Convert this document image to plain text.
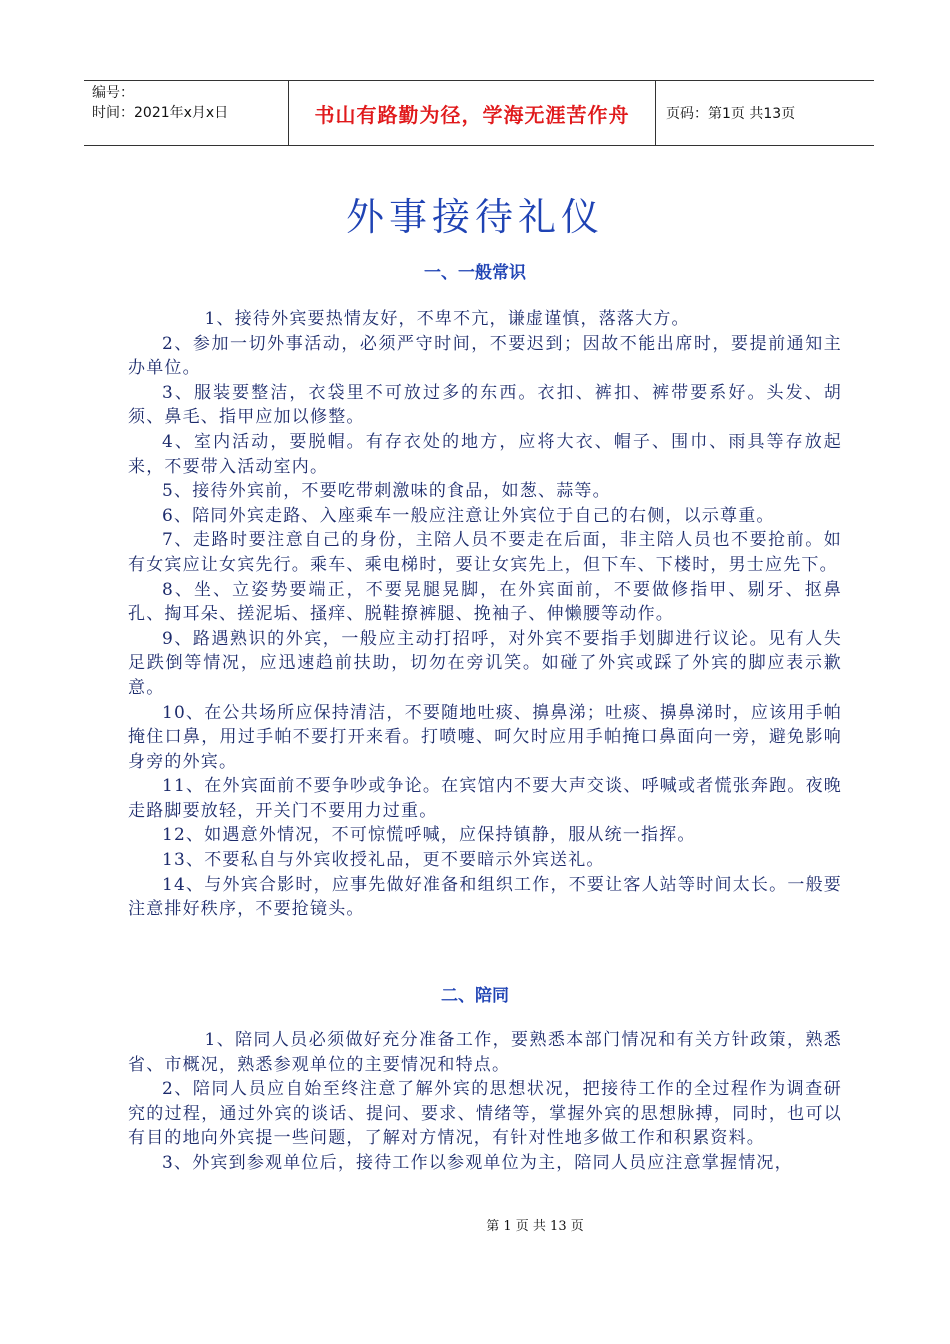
编号：
时间：2021年x月x日	书山有路勤为径，学海无涯苦作舟	页码：第1页 共13页
外事接待礼仪
一、一般常识

1、接待外宾要热情友好，不卑不亢，谦虚谨慎，落落大方。

2、参加一切外事活动，必须严守时间，不要迟到；因故不能出席时，要提前通知主办单位。

3、服装要整洁，衣袋里不可放过多的东西。衣扣、裤扣、裤带要系好。头发、胡须、鼻毛、指甲应加以修整。

4、室内活动，要脱帽。有存衣处的地方，应将大衣、帽子、围巾、雨具等存放起来，不要带入活动室内。

5、接待外宾前，不要吃带刺激味的食品，如葱、蒜等。

6、陪同外宾走路、入座乘车一般应注意让外宾位于自己的右侧，以示尊重。

7、走路时要注意自己的身份，主陪人员不要走在后面，非主陪人员也不要抢前。如有女宾应让女宾先行。乘车、乘电梯时，要让女宾先上，但下车、下楼时，男士应先下。

8、坐、立姿势要端正，不要晃腿晃脚，在外宾面前，不要做修指甲、剔牙、抠鼻孔、掏耳朵、搓泥垢、搔痒、脱鞋撩裤腿、挽袖子、伸懒腰等动作。

9、路遇熟识的外宾，一般应主动打招呼，对外宾不要指手划脚进行议论。见有人失足跌倒等情况，应迅速趋前扶助，切勿在旁讥笑。如碰了外宾或踩了外宾的脚应表示歉意。

10、在公共场所应保持清洁，不要随地吐痰、擤鼻涕；吐痰、擤鼻涕时，应该用手帕掩住口鼻，用过手帕不要打开来看。打喷嚏、呵欠时应用手帕掩口鼻面向一旁，避免影响身旁的外宾。

11、在外宾面前不要争吵或争论。在宾馆内不要大声交谈、呼喊或者慌张奔跑。夜晚走路脚要放轻，开关门不要用力过重。

12、如遇意外情况，不可惊慌呼喊，应保持镇静，服从统一指挥。

13、不要私自与外宾收授礼品，更不要暗示外宾送礼。

14、与外宾合影时，应事先做好准备和组织工作，不要让客人站等时间太长。一般要注意排好秩序，不要抢镜头。

二、陪同

1、陪同人员必须做好充分准备工作，要熟悉本部门情况和有关方针政策，熟悉省、市概况，熟悉参观单位的主要情况和特点。

2、陪同人员应自始至终注意了解外宾的思想状况，把接待工作的全过程作为调查研究的过程，通过外宾的谈话、提问、要求、情绪等，掌握外宾的思想脉搏，同时，也可以有目的地向外宾提一些问题，了解对方情况，有针对性地多做工作和积累资料。

3、外宾到参观单位后，接待工作以参观单位为主，陪同人员应注意掌握情况，

第 1 页 共 13 页
